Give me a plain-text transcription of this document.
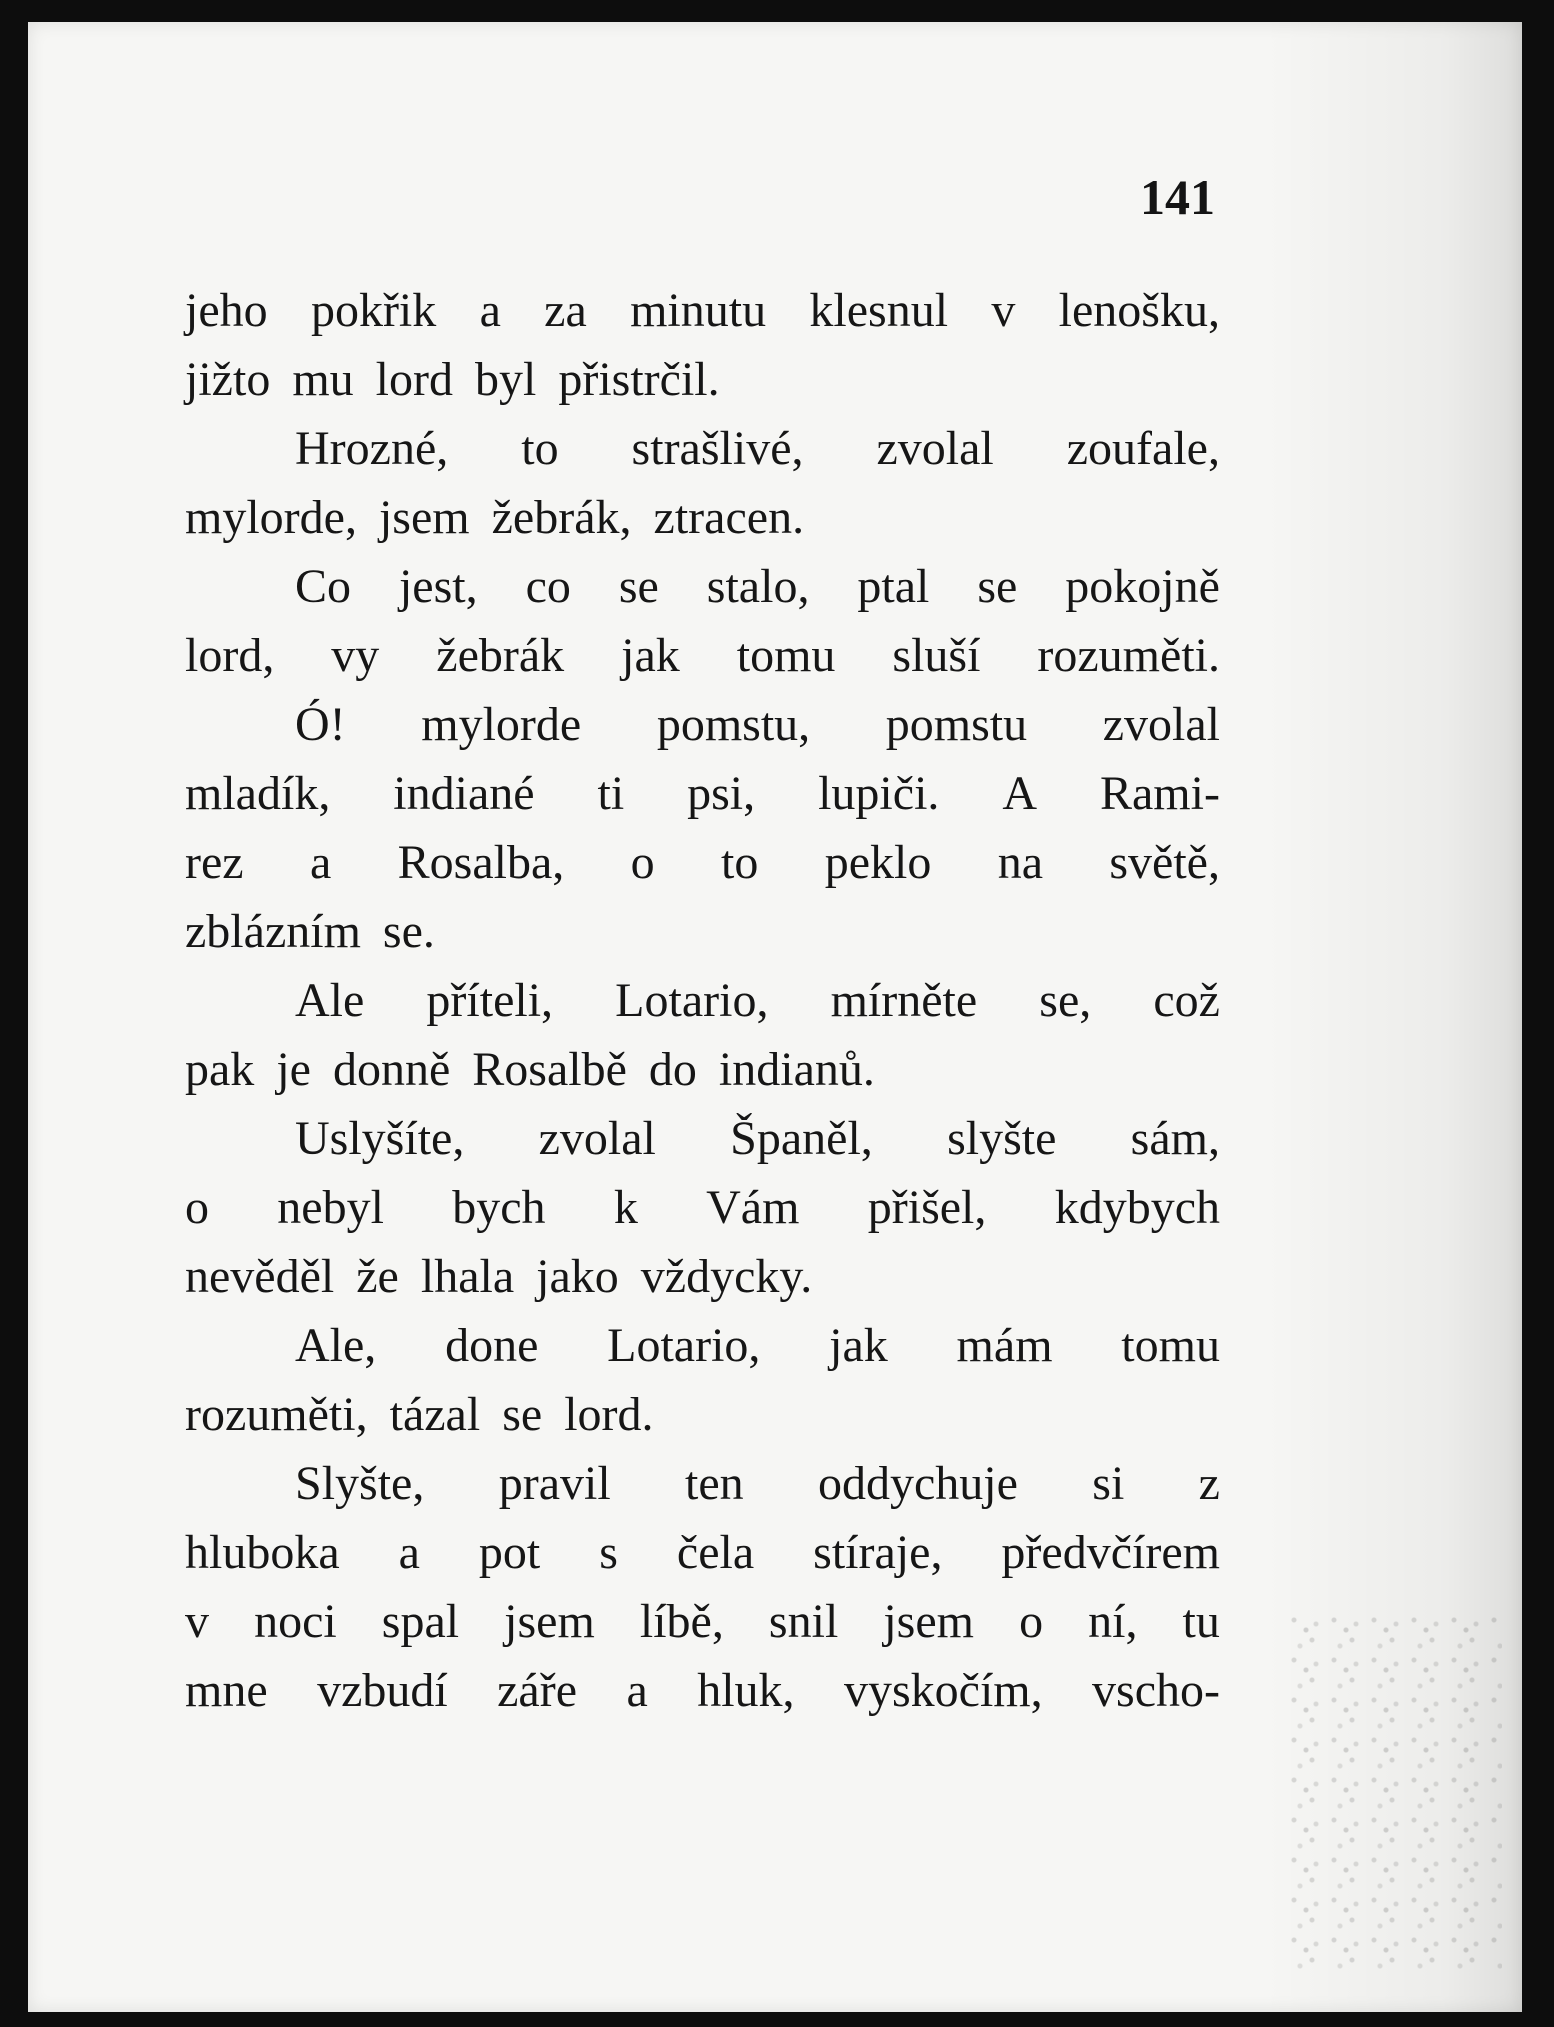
141
jeho pokřik a za minutu klesnul v lenošku,
jižto mu lord byl přistrčil.
Hrozné, to strašlivé, zvolal zoufale,
mylorde, jsem žebrák, ztracen.
Co jest, co se stalo, ptal se pokojně
lord, vy žebrák jak tomu sluší rozuměti.
Ó! mylorde pomstu, pomstu zvolal
mladík, indiané ti psi, lupiči. A Rami-
rez a Rosalba, o to peklo na světě,
zblázním se.
Ale příteli, Lotario, mírněte se, což
pak je donně Rosalbě do indianů.
Uslyšíte, zvolal Španěl, slyšte sám,
o nebyl bych k Vám přišel, kdybych
nevěděl že lhala jako vždycky.
Ale, done Lotario, jak mám tomu
rozuměti, tázal se lord.
Slyšte, pravil ten oddychuje si z
hluboka a pot s čela stíraje, předvčírem
v noci spal jsem líbě, snil jsem o ní, tu
mne vzbudí záře a hluk, vyskočím, vscho-
